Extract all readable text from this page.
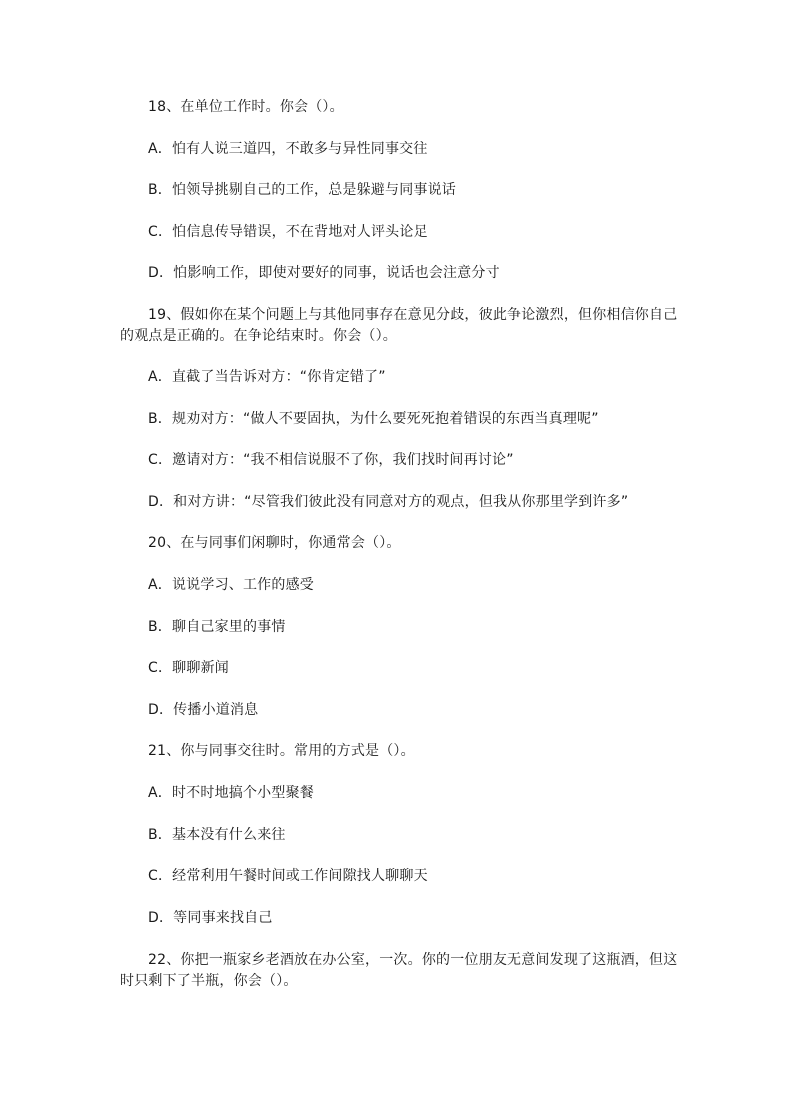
18、在单位工作时。你会（）。

A．怕有人说三道四，不敢多与异性同事交往

B．怕领导挑剔自己的工作，总是躲避与同事说话

C．怕信息传导错误，不在背地对人评头论足

D．怕影响工作，即使对要好的同事，说话也会注意分寸

19、假如你在某个问题上与其他同事存在意见分歧，彼此争论激烈，但你相信你自己

的观点是正确的。在争论结束时。你会（）。

A．直截了当告诉对方：“你肯定错了”

B．规劝对方：“做人不要固执，为什么要死死抱着错误的东西当真理呢”

C．邀请对方：“我不相信说服不了你，我们找时间再讨论”

D．和对方讲：“尽管我们彼此没有同意对方的观点，但我从你那里学到许多”

20、在与同事们闲聊时，你通常会（）。

A．说说学习、工作的感受

B．聊自己家里的事情

C．聊聊新闻

D．传播小道消息

21、你与同事交往时。常用的方式是（）。

A．时不时地搞个小型聚餐

B．基本没有什么来往

C．经常利用午餐时间或工作间隙找人聊聊天

D．等同事来找自己

22、你把一瓶家乡老酒放在办公室，一次。你的一位朋友无意间发现了这瓶酒，但这

时只剩下了半瓶，你会（）。
